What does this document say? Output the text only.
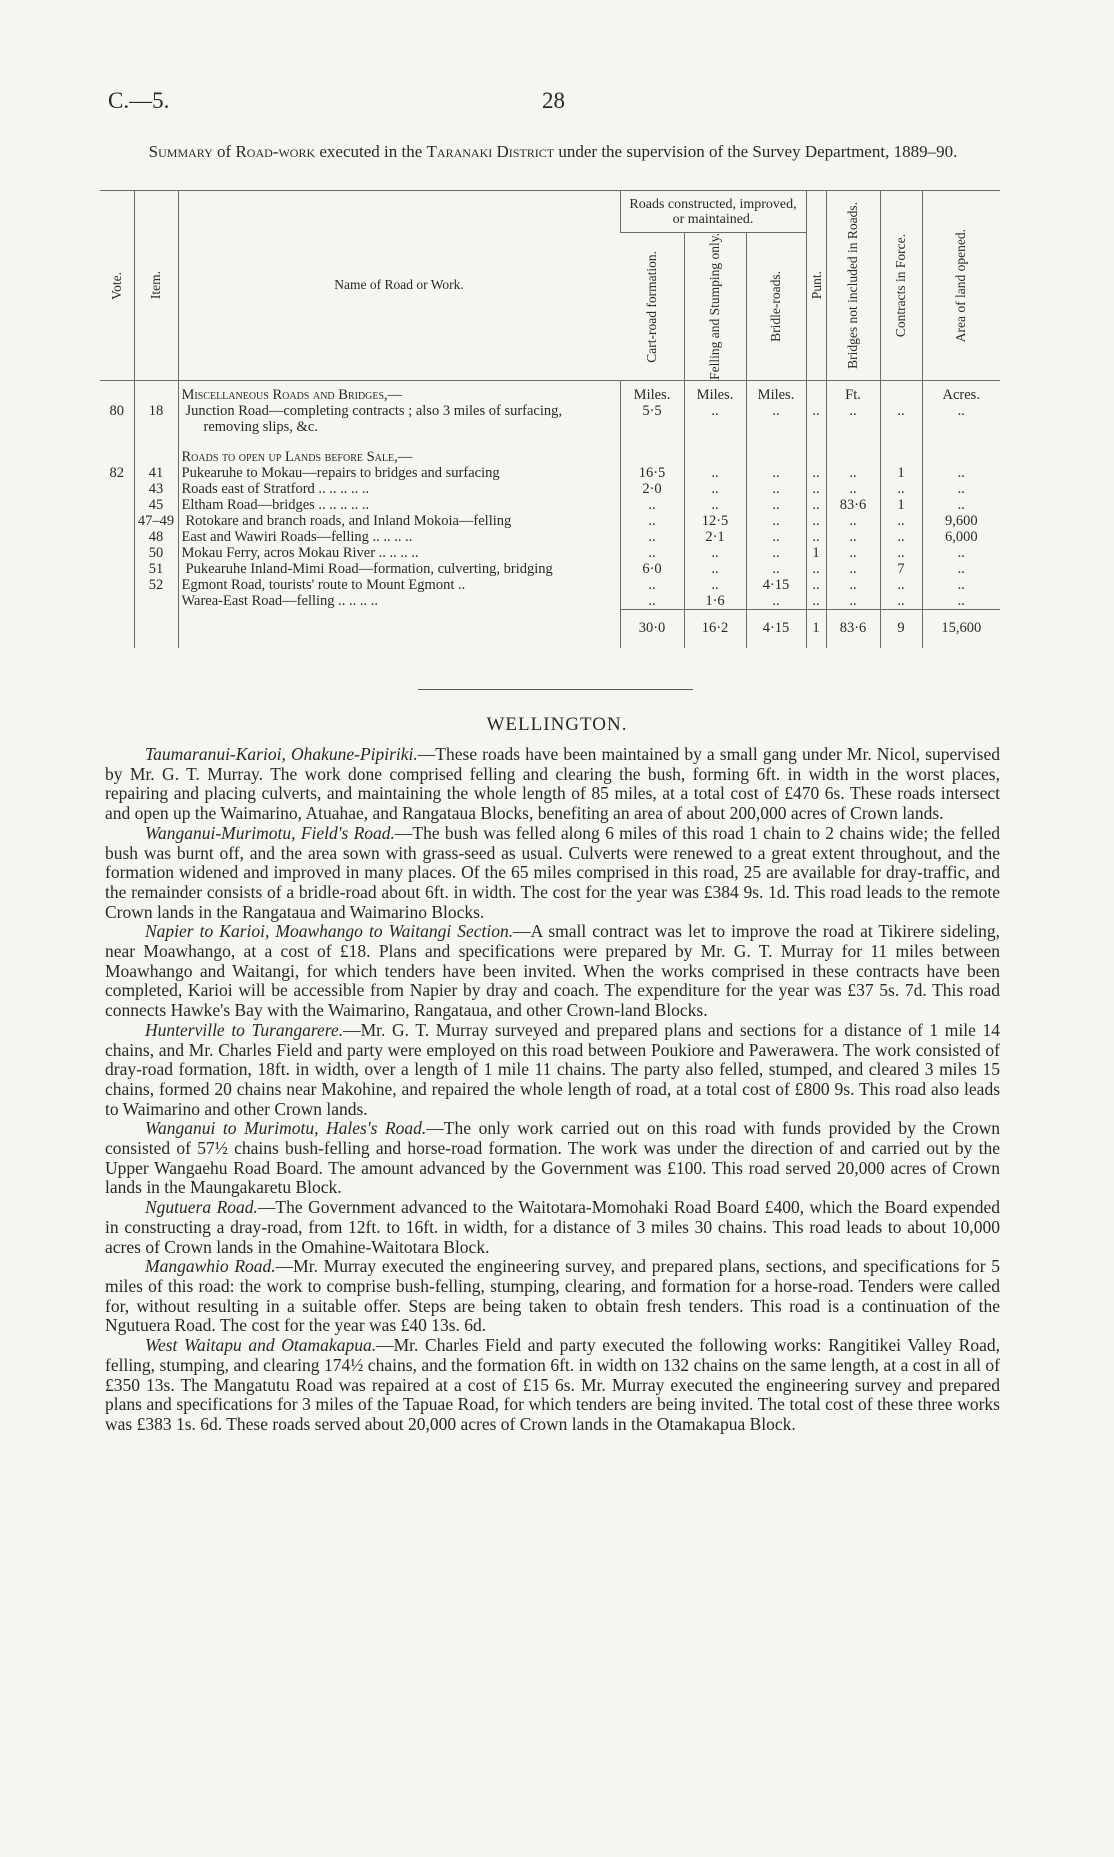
C.—5.	28
Summary of Road-work executed in the Taranaki District under the supervision of the Survey Department, 1889–90.
Vote.	Item.	Name of Road or Work.	Roads constructed, improved, or maintained.			Punt.	Bridges not included in Roads.	Contracts in Force.	Area of land opened.

			Cart-road formation.	Felling and Stumping only.	Bridle-roads.				

		Miscellaneous Roads and Bridges,—	Miles.	Miles.	Miles.		Ft.		Acres.
80	18	Junction Road—completing contracts ; also 3 miles of surfacing, removing slips, &c.	5·5	..	..	..	..	..	..

		Roads to open up Lands before Sale,—							
82	41	Pukearuhe to Mokau—repairs to bridges and surfacing	16·5	..	..	..	..	1	..
	43	Roads east of Stratford .. .. .. .. ..	2·0	..	..	..	..	..	..
	45	Eltham Road—bridges .. .. .. .. ..	..	..	..	..	83·6	1	..
	47–49	Rotokare and branch roads, and Inland Mokoia—felling	..	12·5	..	..	..	..	9,600
	48	East and Wawiri Roads—felling .. .. .. ..	..	2·1	..	..	..	..	6,000
	50	Mokau Ferry, acros Mokau River .. .. .. ..	..	..	..	1	..	..	..
	51	Pukearuhe Inland-Mimi Road—formation, culverting, bridging	6·0	..	..	..	..	7	..
	52	Egmont Road, tourists' route to Mount Egmont ..	..	..	4·15	..	..	..	..

		Warea-East Road—felling .. .. .. ..	..	1·6	..	..	..	..	..
			30·0	16·2	4·15	1	83·6	9	15,600
WELLINGTON.

Taumaranui-Karioi, Ohakune-Pipiriki.—These roads have been maintained by a small gang under Mr. Nicol, supervised by Mr. G. T. Murray. The work done comprised felling and clearing the bush, forming 6ft. in width in the worst places, repairing and placing culverts, and maintaining the whole length of 85 miles, at a total cost of £470 6s. These roads intersect and open up the Waimarino, Atuahae, and Rangataua Blocks, benefiting an area of about 200,000 acres of Crown lands.

Wanganui-Murimotu, Field's Road.—The bush was felled along 6 miles of this road 1 chain to 2 chains wide; the felled bush was burnt off, and the area sown with grass-seed as usual. Culverts were renewed to a great extent throughout, and the formation widened and improved in many places. Of the 65 miles comprised in this road, 25 are available for dray-traffic, and the remainder consists of a bridle-road about 6ft. in width. The cost for the year was £384 9s. 1d. This road leads to the remote Crown lands in the Rangataua and Waimarino Blocks.

Napier to Karioi, Moawhango to Waitangi Section.—A small contract was let to improve the road at Tikirere sideling, near Moawhango, at a cost of £18. Plans and specifications were prepared by Mr. G. T. Murray for 11 miles between Moawhango and Waitangi, for which tenders have been invited. When the works comprised in these contracts have been completed, Karioi will be accessible from Napier by dray and coach. The expenditure for the year was £37 5s. 7d. This road connects Hawke's Bay with the Waimarino, Rangataua, and other Crown-land Blocks.

Hunterville to Turangarere.—Mr. G. T. Murray surveyed and prepared plans and sections for a distance of 1 mile 14 chains, and Mr. Charles Field and party were employed on this road between Poukiore and Pawerawera. The work consisted of dray-road formation, 18ft. in width, over a length of 1 mile 11 chains. The party also felled, stumped, and cleared 3 miles 15 chains, formed 20 chains near Makohine, and repaired the whole length of road, at a total cost of £800 9s. This road also leads to Waimarino and other Crown lands.

Wanganui to Murimotu, Hales's Road.—The only work carried out on this road with funds provided by the Crown consisted of 57½ chains bush-felling and horse-road formation. The work was under the direction of and carried out by the Upper Wangaehu Road Board. The amount advanced by the Government was £100. This road served 20,000 acres of Crown lands in the Maungakaretu Block.

Ngutuera Road.—The Government advanced to the Waitotara-Momohaki Road Board £400, which the Board expended in constructing a dray-road, from 12ft. to 16ft. in width, for a distance of 3 miles 30 chains. This road leads to about 10,000 acres of Crown lands in the Omahine-Waitotara Block.

Mangawhio Road.—Mr. Murray executed the engineering survey, and prepared plans, sections, and specifications for 5 miles of this road: the work to comprise bush-felling, stumping, clearing, and formation for a horse-road. Tenders were called for, without resulting in a suitable offer. Steps are being taken to obtain fresh tenders. This road is a continuation of the Ngutuera Road. The cost for the year was £40 13s. 6d.

West Waitapu and Otamakapua.—Mr. Charles Field and party executed the following works: Rangitikei Valley Road, felling, stumping, and clearing 174½ chains, and the formation 6ft. in width on 132 chains on the same length, at a cost in all of £350 13s. The Mangatutu Road was repaired at a cost of £15 6s. Mr. Murray executed the engineering survey and prepared plans and specifications for 3 miles of the Tapuae Road, for which tenders are being invited. The total cost of these three works was £383 1s. 6d. These roads served about 20,000 acres of Crown lands in the Otamakapua Block.
